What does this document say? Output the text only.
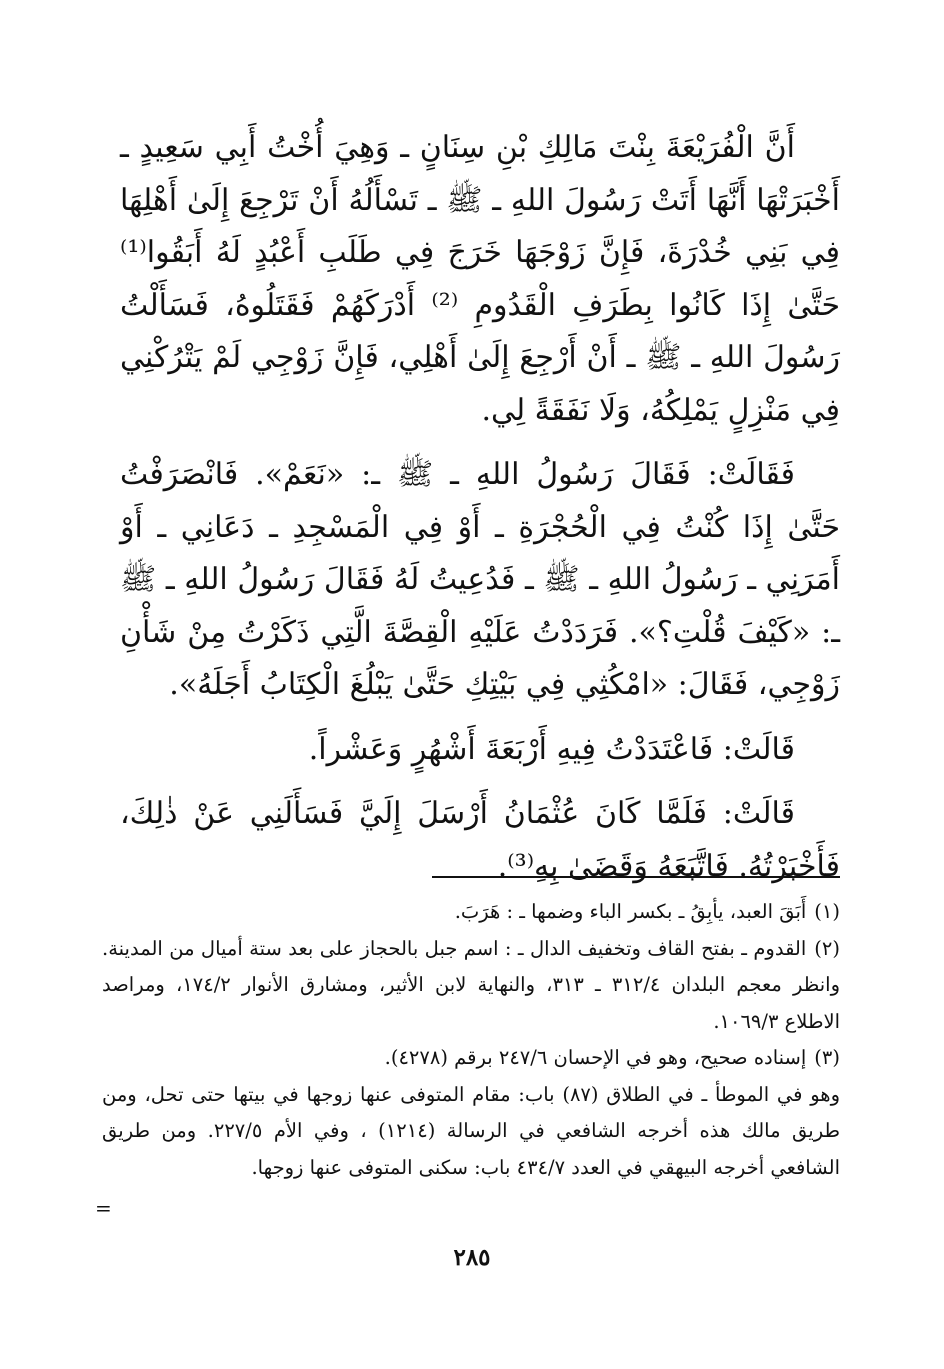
أَنَّ الْفُرَيْعَةَ بِنْتَ مَالِكِ بْنِ سِنَانٍ ـ وَهِيَ أُخْتُ أَبِي سَعِيدٍ ـ أَخْبَرَتْهَا أَنَّهَا أَتَتْ رَسُولَ اللهِ ـ ﷺ ـ تَسْأَلُهُ أَنْ تَرْجِعَ إِلَىٰ أَهْلِهَا فِي بَنِي خُدْرَةَ، فَإِنَّ زَوْجَهَا خَرَجَ فِي طَلَبِ أَعْبُدٍ لَهُ أَبَقُوا⁽¹⁾ حَتَّىٰ إِذَا كَانُوا بِطَرَفِ الْقَدُومِ ⁽²⁾ أَدْرَكَهُمْ فَقَتَلُوهُ، فَسَأَلْتُ رَسُولَ اللهِ ـ ﷺ ـ أَنْ أَرْجِعَ إِلَىٰ أَهْلِي، فَإِنَّ زَوْجِي لَمْ يَتْرُكْنِي فِي مَنْزِلٍ يَمْلِكُهُ، وَلَا نَفَقَةً لِي.

فَقَالَتْ: فَقَالَ رَسُولُ اللهِ ـ ﷺ ـ: «نَعَمْ». فَانْصَرَفْتُ حَتَّىٰ إِذَا كُنْتُ فِي الْحُجْرَةِ ـ أَوْ فِي الْمَسْجِدِ ـ دَعَانِي ـ أَوْ أَمَرَنِي ـ رَسُولُ اللهِ ـ ﷺ ـ فَدُعِيتُ لَهُ فَقَالَ رَسُولُ اللهِ ـ ﷺ ـ: «كَيْفَ قُلْتِ؟». فَرَدَدْتُ عَلَيْهِ الْقِصَّةَ الَّتِي ذَكَرْتُ مِنْ شَأْنِ زَوْجِي، فَقَالَ: «امْكُثِي فِي بَيْتِكِ حَتَّىٰ يَبْلُغَ الْكِتَابُ أَجَلَهُ».

قَالَتْ: فَاعْتَدَدْتُ فِيهِ أَرْبَعَةَ أَشْهُرٍ وَعَشْراً.

قَالَتْ: فَلَمَّا كَانَ عُثْمَانُ أَرْسَلَ إِلَيَّ فَسَأَلَنِي عَنْ ذٰلِكَ، فَأَخْبَرْتُهُ. فَاتَّبَعَهُ وَقَضَىٰ بِهِ⁽³⁾.

(١)أَبَقَ العبد، يأبِقُ ـ بكسر الباء وضمها ـ : هَرَبَ.

(٢)القدوم ـ بفتح القاف وتخفيف الدال ـ : اسم جبل بالحجاز على بعد ستة أميال من المدينة. وانظر معجم البلدان ٣١٢/٤ ـ ٣١٣، والنهاية لابن الأثير، ومشارق الأنوار ١٧٤/٢، ومراصد الاطلاع ١٠٦٩/٣.

(٣)إسناده صحيح، وهو في الإحسان ٢٤٧/٦ برقم (٤٢٧٨).

وهو في الموطأ ـ في الطلاق (٨٧) باب: مقام المتوفى عنها زوجها في بيتها حتى تحل، ومن طريق مالك هذه أخرجه الشافعي في الرسالة (١٢١٤) ، وفي الأم ٢٢٧/٥. ومن طريق الشافعي أخرجه البيهقي في العدد ٤٣٤/٧ باب: سكنى المتوفى عنها زوجها.

=
٢٨٥
